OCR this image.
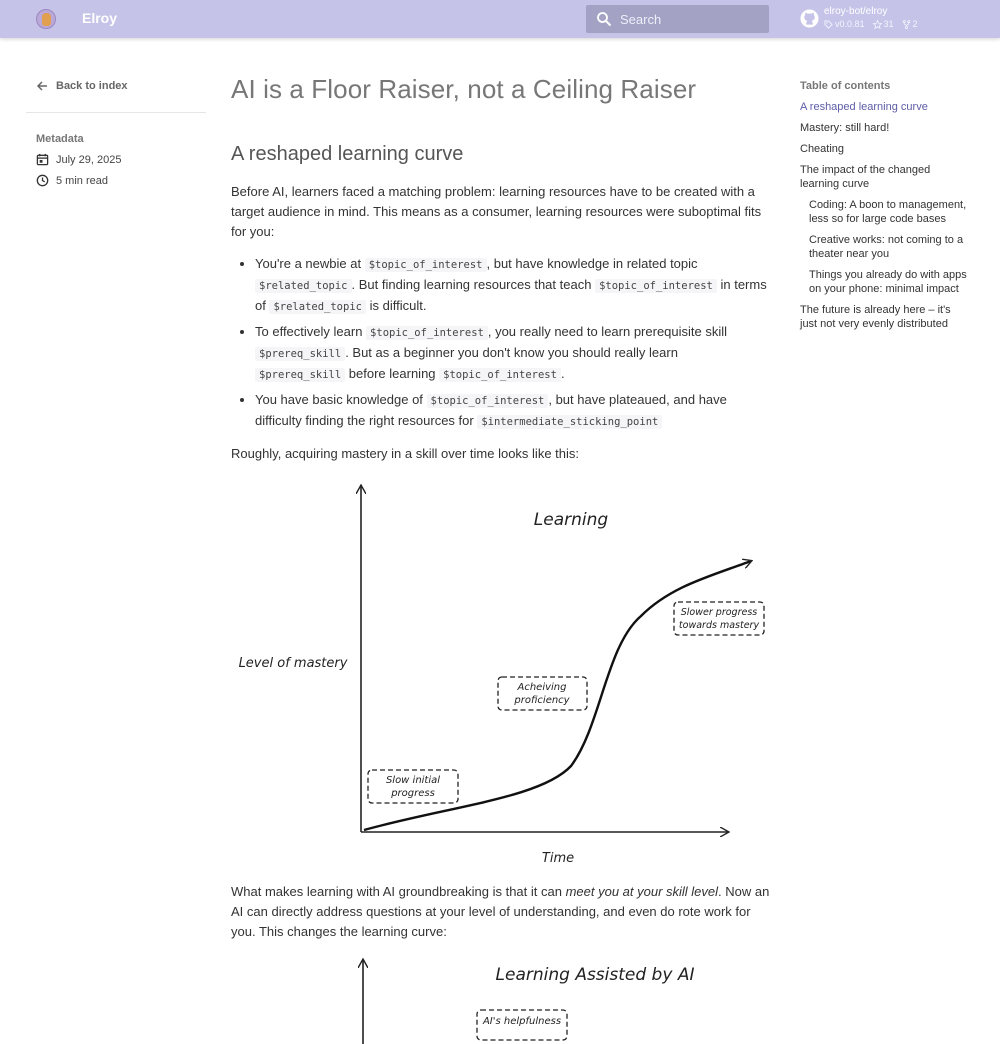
Elroy	Search
elroy-bot/elroy
v0.0.81 31 2
Back to index
Metadata
July 29, 2025
5 min read
AI is a Floor Raiser, not a Ceiling Raiser
A reshaped learning curve

Before AI, learners faced a matching problem: learning resources have to be created with a target audience in mind. This means as a consumer, learning resources were suboptimal fits for you:

• You're a newbie at $topic_of_interest , but have knowledge in related topic $related_topic . But finding learning resources that teach $topic_of_interest in terms of $related_topic is difficult.
• To effectively learn $topic_of_interest , you really need to learn prerequisite skill $prereq_skill . But as a beginner you don't know you should really learn $prereq_skill before learning $topic_of_interest .
• You have basic knowledge of $topic_of_interest , but have plateaued, and have difficulty finding the right resources for $intermediate_sticking_point

Roughly, acquiring mastery in a skill over time looks like this:

Learning
Level of mastery
Time
Slow initial
progress
Acheiving
proficiency
Slower progress
towards mastery

What makes learning with AI groundbreaking is that it can meet you at your skill level. Now an AI can directly address questions at your level of understanding, and even do rote work for you. This changes the learning curve:

Learning Assisted by AI
AI's helpfulness
Table of contents
A reshaped learning curve
Mastery: still hard!
Cheating
The impact of the changed learning curve
Coding: A boon to management, less so for large code bases
Creative works: not coming to a theater near you
Things you already do with apps on your phone: minimal impact
The future is already here – it's just not very evenly distributed
